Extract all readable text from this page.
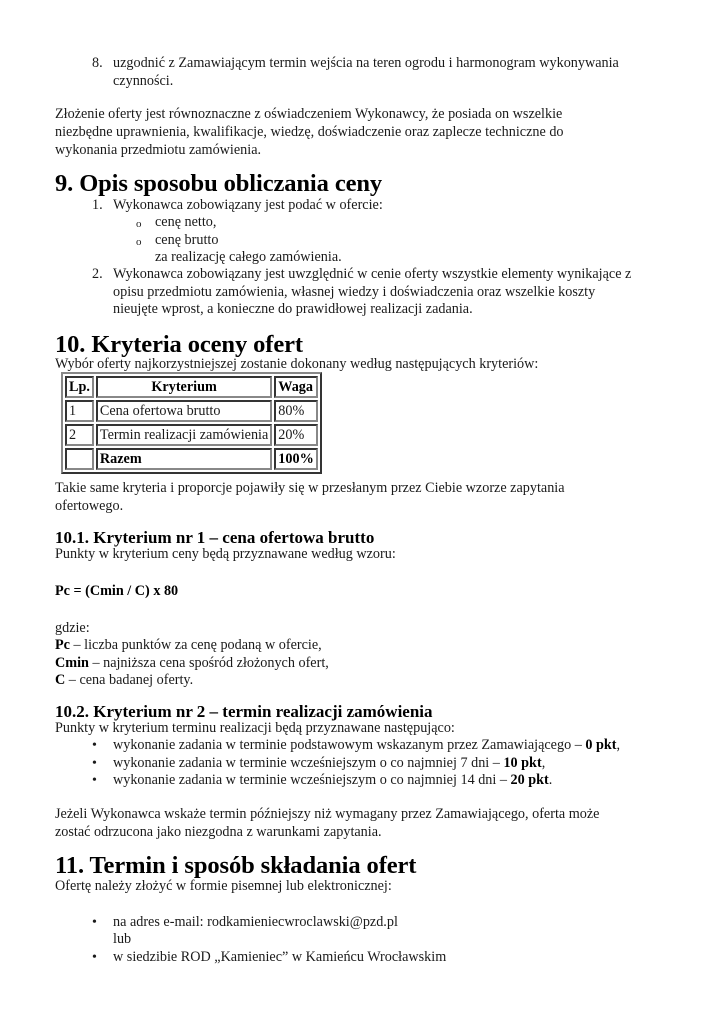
8. uzgodnić z Zamawiającym termin wejścia na teren ogrodu i harmonogram wykonywania
czynności.
Złożenie oferty jest równoznaczne z oświadczeniem Wykonawcy, że posiada on wszelkie
niezbędne uprawnienia, kwalifikacje, wiedzę, doświadczenie oraz zaplecze techniczne do
wykonania przedmiotu zamówienia.
9. Opis sposobu obliczania ceny
1. Wykonawca zobowiązany jest podać w ofercie:
o cenę netto,
o cenę brutto
za realizację całego zamówienia.
2. Wykonawca zobowiązany jest uwzględnić w cenie oferty wszystkie elementy wynikające z
opisu przedmiotu zamówienia, własnej wiedzy i doświadczenia oraz wszelkie koszty
nieujęte wprost, a konieczne do prawidłowej realizacji zadania.
10. Kryteria oceny ofert
Wybór oferty najkorzystniejszej zostanie dokonany według następujących kryteriów:
Lp.	Kryterium	Waga
1	Cena ofertowa brutto	80%
2	Termin realizacji zamówienia	20%
	Razem	100%
Takie same kryteria i proporcje pojawiły się w przesłanym przez Ciebie wzorze zapytania
ofertowego.
10.1. Kryterium nr 1 – cena ofertowa brutto
Punkty w kryterium ceny będą przyznawane według wzoru:
Pc = (Cmin / C) x 80
gdzie:
Pc – liczba punktów za cenę podaną w ofercie,
Cmin – najniższa cena spośród złożonych ofert,
C – cena badanej oferty.
10.2. Kryterium nr 2 – termin realizacji zamówienia
Punkty w kryterium terminu realizacji będą przyznawane następująco:
• wykonanie zadania w terminie podstawowym wskazanym przez Zamawiającego – 0 pkt,
• wykonanie zadania w terminie wcześniejszym o co najmniej 7 dni – 10 pkt,
• wykonanie zadania w terminie wcześniejszym o co najmniej 14 dni – 20 pkt.
Jeżeli Wykonawca wskaże termin późniejszy niż wymagany przez Zamawiającego, oferta może
zostać odrzucona jako niezgodna z warunkami zapytania.
11. Termin i sposób składania ofert
Ofertę należy złożyć w formie pisemnej lub elektronicznej:
• na adres e-mail: rodkamieniecwroclawski@pzd.pl
lub
• w siedzibie ROD „Kamieniec” w Kamieńcu Wrocławskim
